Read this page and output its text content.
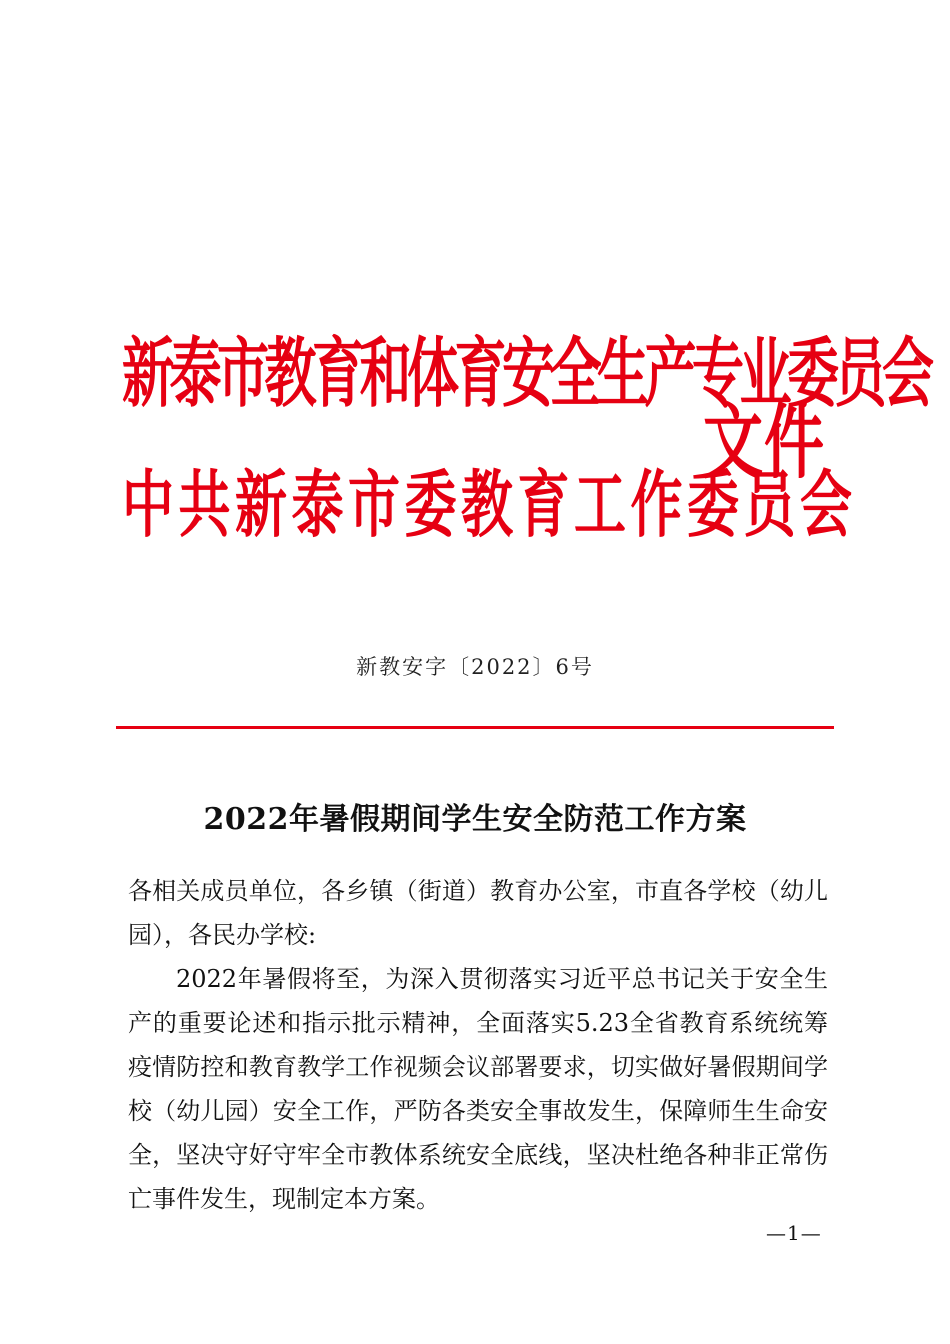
新泰市教育和体育安全生产专业委员会
中共新泰市委教育工作委员会
文件
新教安字〔2022〕6号
2022年暑假期间学生安全防范工作方案

各相关成员单位，各乡镇（街道）教育办公室，市直各学校（幼儿园），各民办学校:

2022年暑假将至，为深入贯彻落实习近平总书记关于安全生产的重要论述和指示批示精神，全面落实5.23全省教育系统统筹疫情防控和教育教学工作视频会议部署要求，切实做好暑假期间学校（幼儿园）安全工作，严防各类安全事故发生，保障师生生命安全，坚决守好守牢全市教体系统安全底线，坚决杜绝各种非正常伤亡事件发生，现制定本方案。

—1—
